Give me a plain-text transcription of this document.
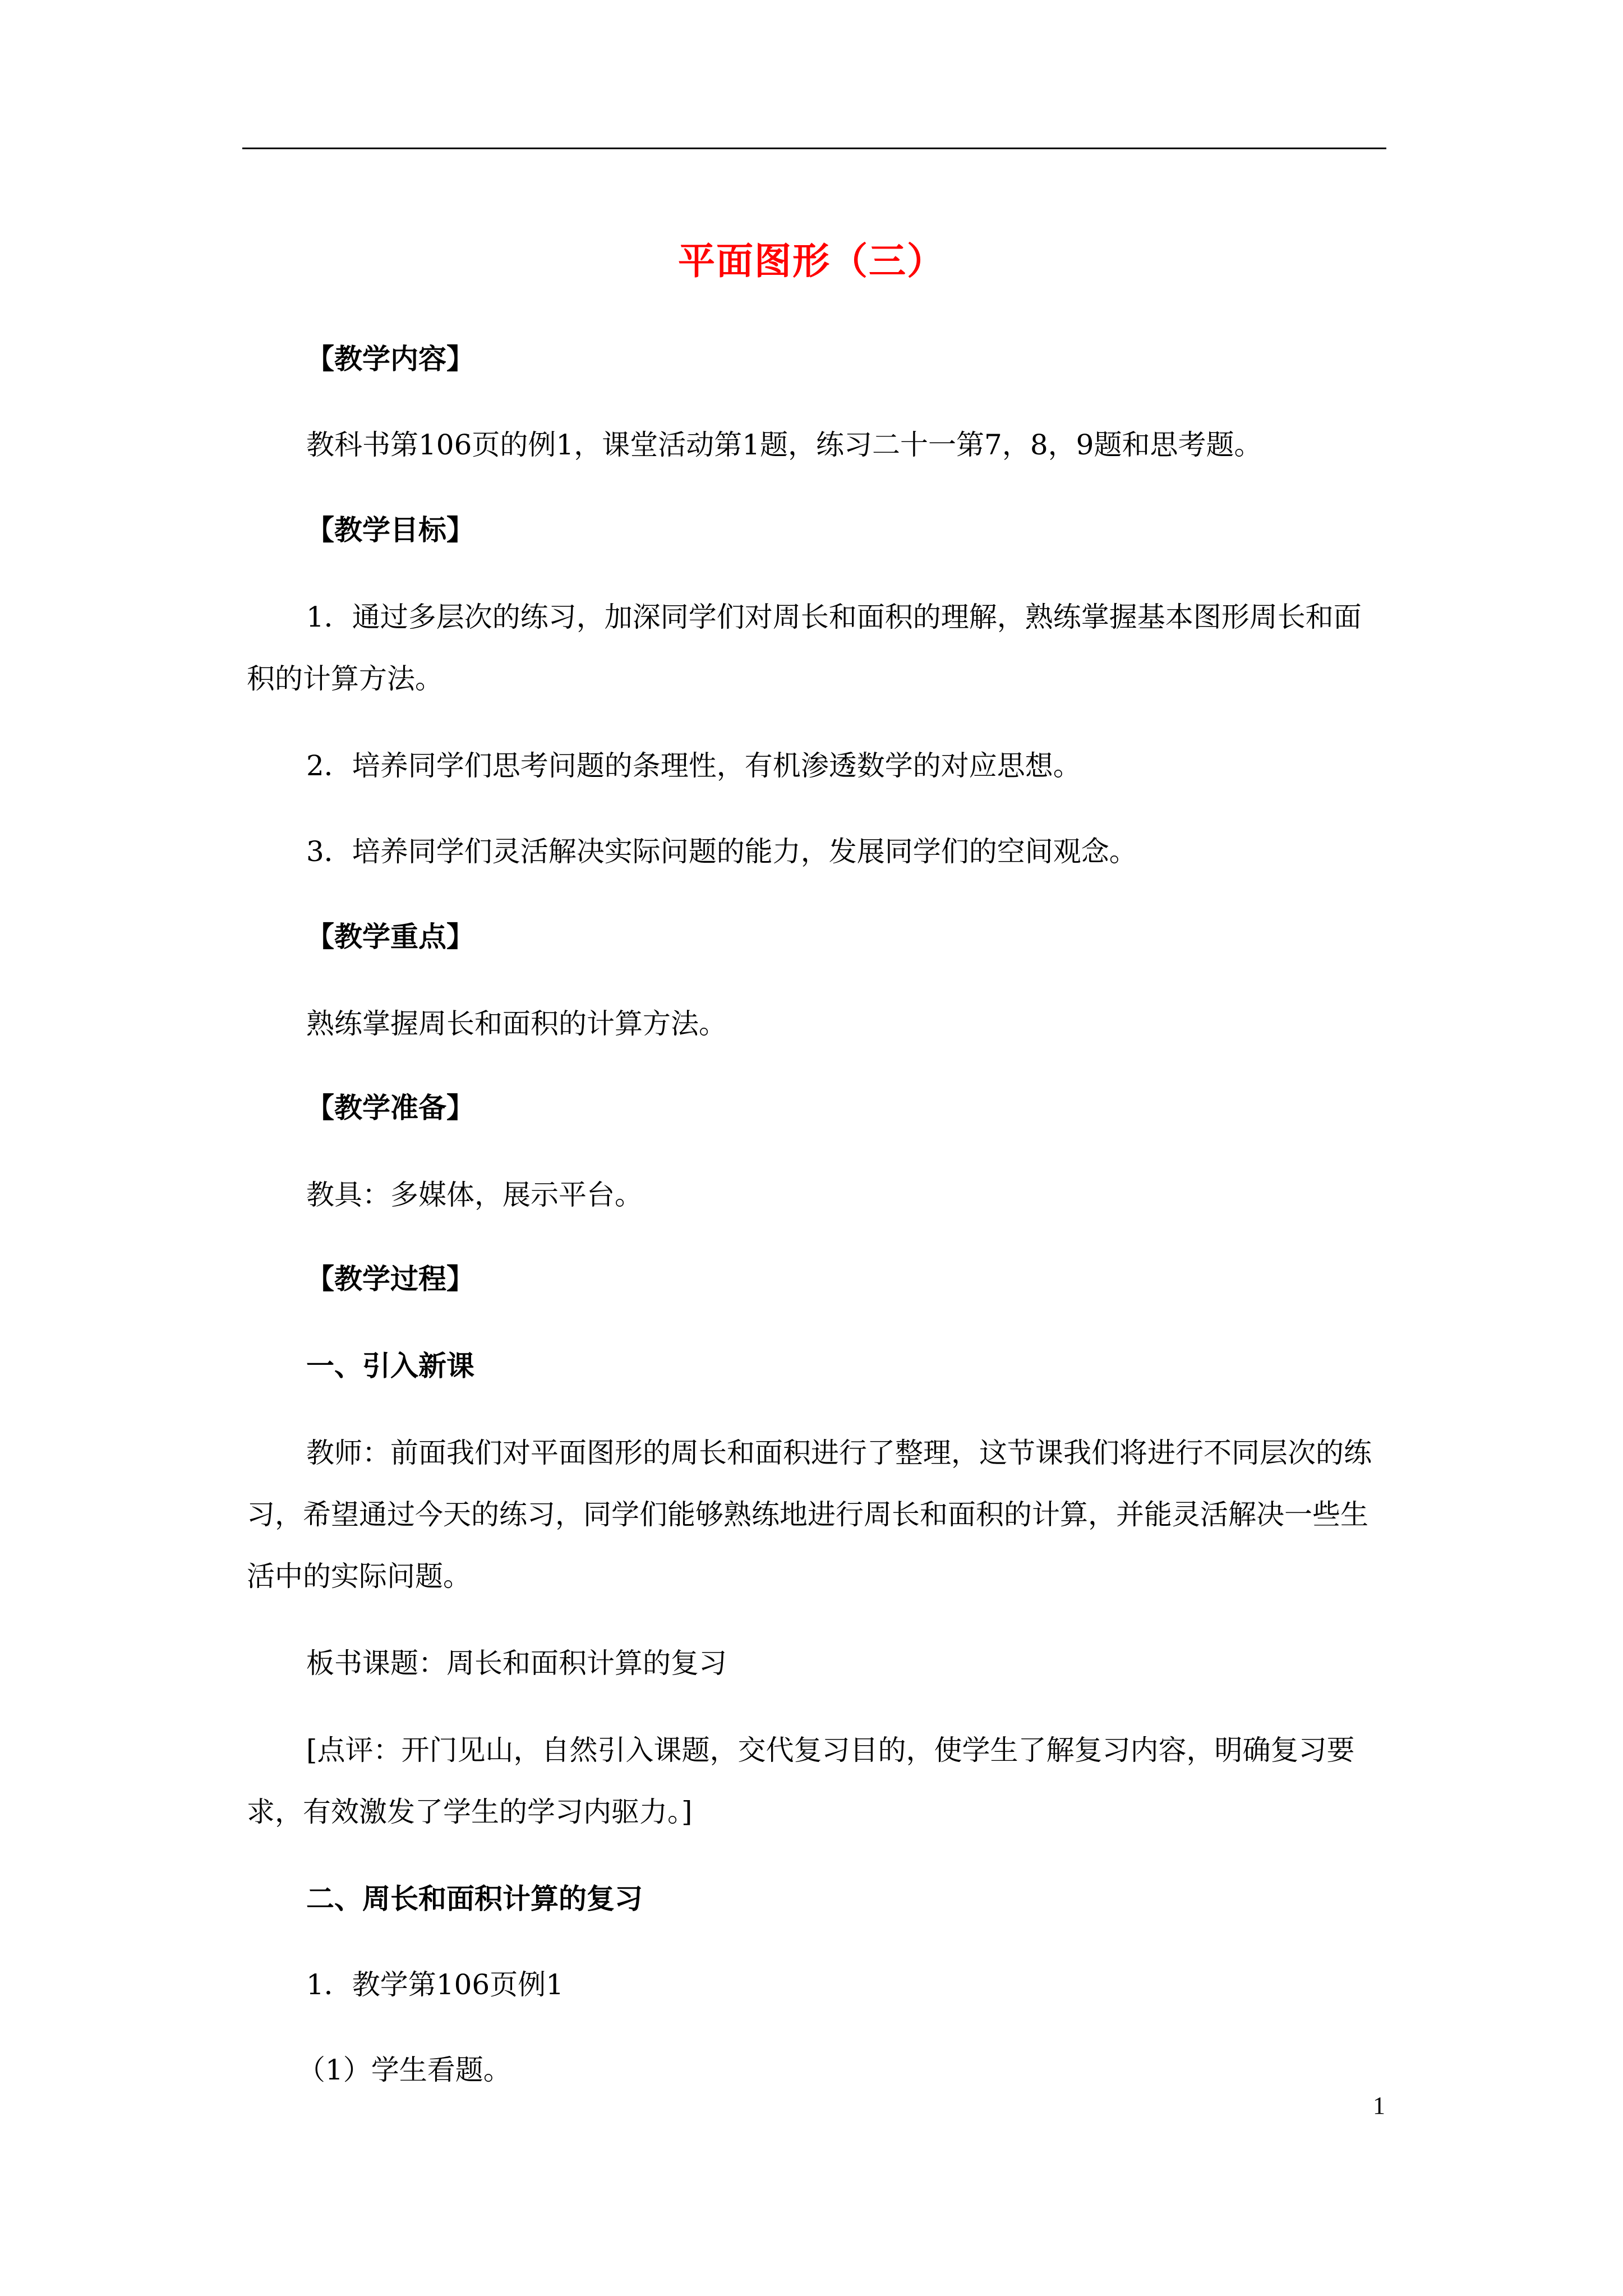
平面图形（三）
【教学内容】
教科书第106页的例1，课堂活动第1题，练习二十一第7，8，9题和思考题。
【教学目标】
1．通过多层次的练习，加深同学们对周长和面积的理解，熟练掌握基本图形周长和面
积的计算方法。
2．培养同学们思考问题的条理性，有机渗透数学的对应思想。
3．培养同学们灵活解决实际问题的能力，发展同学们的空间观念。
【教学重点】
熟练掌握周长和面积的计算方法。
【教学准备】
教具：多媒体，展示平台。
【教学过程】
一、引入新课
教师：前面我们对平面图形的周长和面积进行了整理，这节课我们将进行不同层次的练
习，希望通过今天的练习，同学们能够熟练地进行周长和面积的计算，并能灵活解决一些生
活中的实际问题。
板书课题：周长和面积计算的复习
[点评：开门见山，自然引入课题，交代复习目的，使学生了解复习内容，明确复习要
求，有效激发了学生的学习内驱力。]
二、周长和面积计算的复习
1．教学第106页例1
（1）学生看题。
1
